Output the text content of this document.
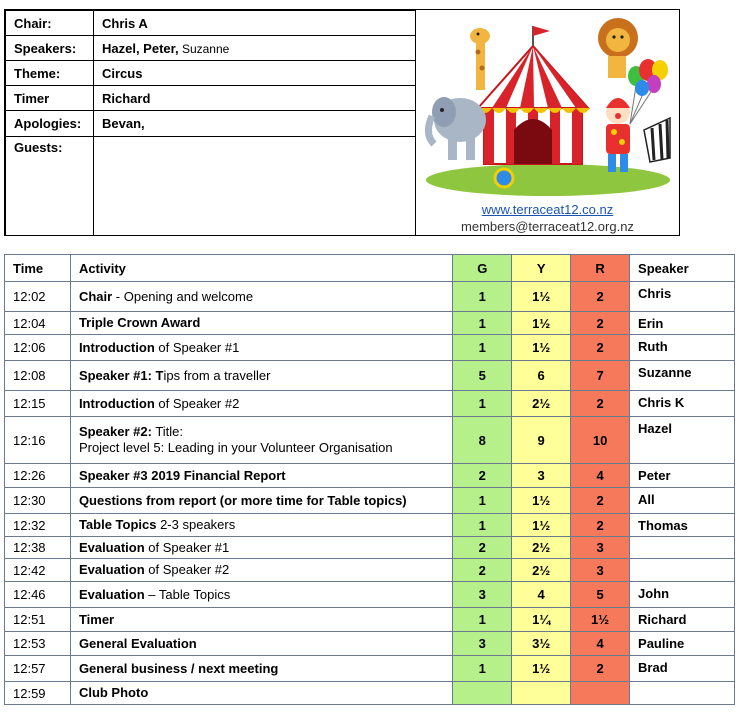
Chair:	Chris A
Speakers:	Hazel, Peter, Suzanne
Theme:	Circus
Timer	Richard
Apologies:	Bevan,
Guests:	
www.terraceat12.co.nz
members@terraceat12.org.nz
Time	Activity	G	Y	R	Speaker
12:02	Chair - Opening and welcome	1	1½	2	Chris
12:04	Triple Crown Award	1	1½	2	Erin
12:06	Introduction of Speaker #1	1	1½	2	Ruth
12:08	Speaker #1: Tips from a traveller	5	6	7	Suzanne
12:15	Introduction of Speaker #2	1	2½	2	Chris K
12:16	Speaker #2: Title:
Project level 5: Leading in your Volunteer Organisation	8	9	10	Hazel
12:26	Speaker #3 2019 Financial Report	2	3	4	Peter
12:30	Questions from report (or more time for Table topics)	1	1½	2	All
12:32	Table Topics 2-3 speakers	1	1½	2	Thomas
12:38	Evaluation of Speaker #1	2	2½	3	
12:42	Evaluation of Speaker #2	2	2½	3	
12:46	Evaluation – Table Topics	3	4	5	John
12:51	Timer	1	1¼	1½	Richard
12:53	General Evaluation	3	3½	4	Pauline
12:57	General business / next meeting	1	1½	2	Brad
12:59	Club Photo				
